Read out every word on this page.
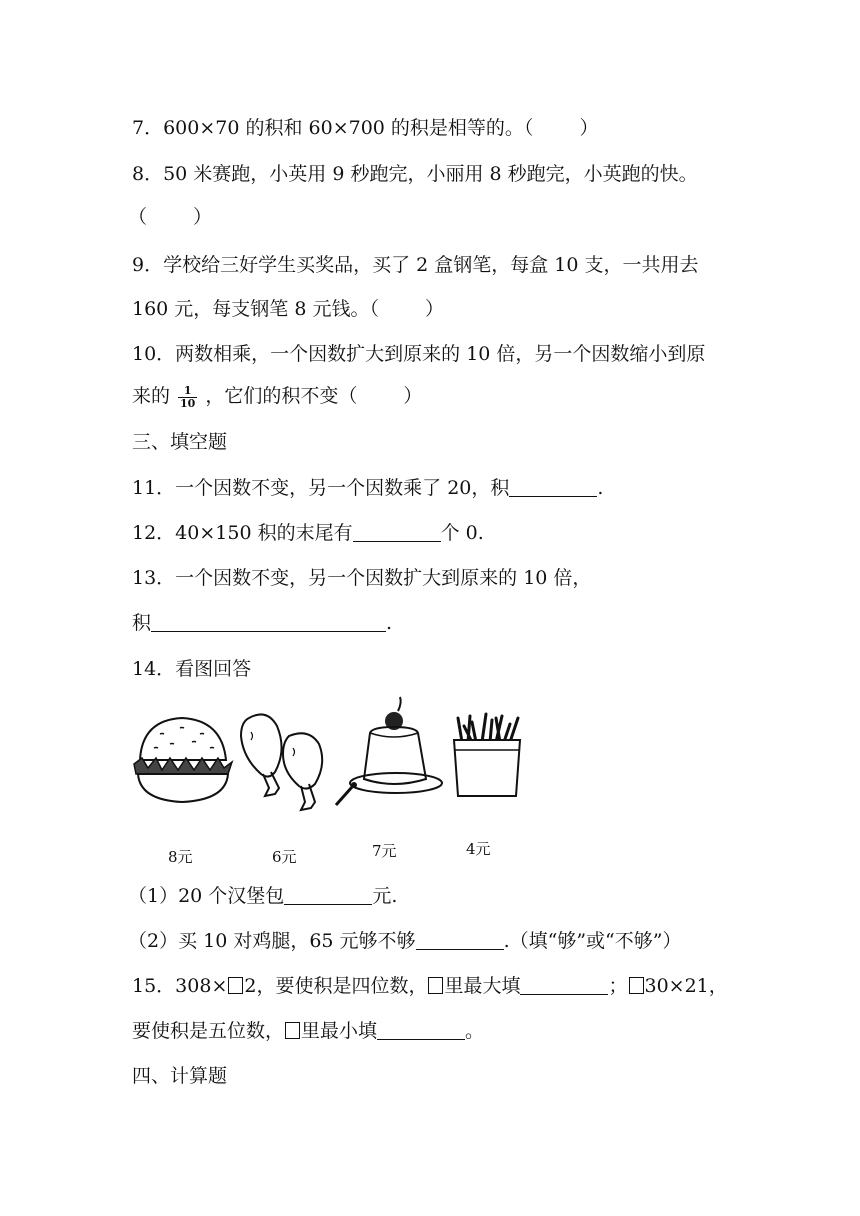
7．600×70 的积和 60×700 的积是相等的。（ ）
8．50 米赛跑，小英用 9 秒跑完，小丽用 8 秒跑完，小英跑的快。
（ ）
9．学校给三好学生买奖品，买了 2 盒钢笔，每盒 10 支，一共用去
160 元，每支钢笔 8 元钱。（ ）
10．两数相乘，一个因数扩大到原来的 10 倍，另一个因数缩小到原
来的 $\frac{1}{10}$ ，它们的积不变（ ）
三、填空题
11．一个因数不变，另一个因数乘了 20，积	.
12．40×150 积的末尾有	个 0.
13．一个因数不变，另一个因数扩大到原来的 10 倍，
积	.
14．看图回答
8元	6元	7元	4元
（1）20 个汉堡包	元.
（2）买 10 对鸡腿，65 元够不够	.（填“够”或“不够”）
15．308× 2，要使积是四位数， 里最大填	； 30×21，
要使积是五位数， 里最小填	。
四、计算题
